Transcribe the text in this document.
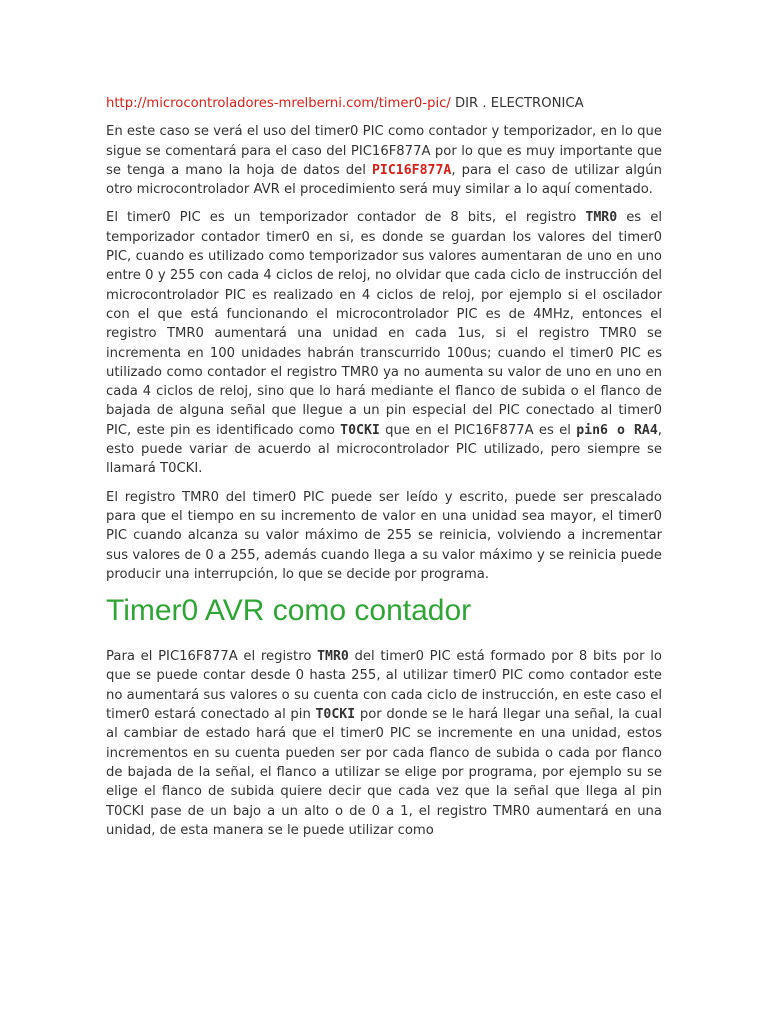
http://microcontroladores-mrelberni.com/timer0-pic/ DIR . ELECTRONICA

En este caso se verá el uso del timer0 PIC como contador y temporizador, en lo que sigue se comentará para el caso del PIC16F877A por lo que es muy importante que se tenga a mano la hoja de datos del PIC16F877A, para el caso de utilizar algún otro microcontrolador AVR el procedimiento será muy similar a lo aquí comentado.

El timer0 PIC es un temporizador contador de 8 bits, el registro TMR0 es el temporizador contador timer0 en si, es donde se guardan los valores del timer0 PIC, cuando es utilizado como temporizador sus valores aumentaran de uno en uno entre 0 y 255 con cada 4 ciclos de reloj, no olvidar que cada ciclo de instrucción del microcontrolador PIC es realizado en 4 ciclos de reloj, por ejemplo si el oscilador con el que está funcionando el microcontrolador PIC es de 4MHz, entonces el registro TMR0 aumentará una unidad en cada 1us, si el registro TMR0 se incrementa en 100 unidades habrán transcurrido 100us; cuando el timer0 PIC es utilizado como contador el registro TMR0 ya no aumenta su valor de uno en uno en cada 4 ciclos de reloj, sino que lo hará mediante el flanco de subida o el flanco de bajada de alguna señal que llegue a un pin especial del PIC conectado al timer0 PIC, este pin es identificado como T0CKI que en el PIC16F877A es el pin6 o RA4, esto puede variar de acuerdo al microcontrolador PIC utilizado, pero siempre se llamará T0CKI.

El registro TMR0 del timer0 PIC puede ser leído y escrito, puede ser prescalado para que el tiempo en su incremento de valor en una unidad sea mayor, el timer0 PIC cuando alcanza su valor máximo de 255 se reinicia, volviendo a incrementar sus valores de 0 a 255, además cuando llega a su valor máximo y se reinicia puede producir una interrupción, lo que se decide por programa.

Timer0 AVR como contador

Para el PIC16F877A el registro TMR0 del timer0 PIC está formado por 8 bits por lo que se puede contar desde 0 hasta 255, al utilizar timer0 PIC como contador este no aumentará sus valores o su cuenta con cada ciclo de instrucción, en este caso el timer0 estará conectado al pin T0CKI por donde se le hará llegar una señal, la cual al cambiar de estado hará que el timer0 PIC se incremente en una unidad, estos incrementos en su cuenta pueden ser por cada flanco de subida o cada por flanco de bajada de la señal, el flanco a utilizar se elige por programa, por ejemplo su se elige el flanco de subida quiere decir que cada vez que la señal que llega al pin T0CKI pase de un bajo a un alto o de 0 a 1, el registro TMR0 aumentará en una unidad, de esta manera se le puede utilizar como
